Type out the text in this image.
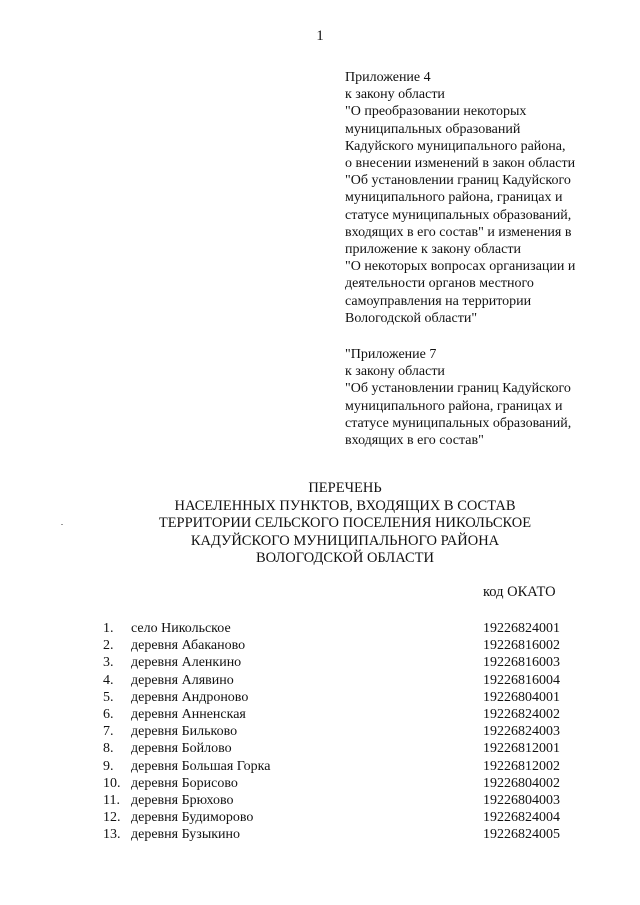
1
Приложение 4
к закону области
"О преобразовании некоторых
муниципальных образований
Кадуйского муниципального района,
о внесении изменений в закон области
"Об установлении границ Кадуйского
муниципального района, границах и
статусе муниципальных образований,
входящих в его состав" и изменения в
приложение к закону области
"О некоторых вопросах организации и
деятельности органов местного
самоуправления на территории
Вологодской области"
"Приложение 7
к закону области
"Об установлении границ Кадуйского
муниципального района, границах и
статусе муниципальных образований,
входящих в его состав"
ПЕРЕЧЕНЬ
НАСЕЛЕННЫХ ПУНКТОВ, ВХОДЯЩИХ В СОСТАВ
ТЕРРИТОРИИ СЕЛЬСКОГО ПОСЕЛЕНИЯ НИКОЛЬСКОЕ
КАДУЙСКОГО МУНИЦИПАЛЬНОГО РАЙОНА
ВОЛОГОДСКОЙ ОБЛАСТИ
код ОКАТО
1. село Никольское	19226824001
2. деревня Абаканово	19226816002
3. деревня Аленкино	19226816003
4. деревня Алявино	19226816004
5. деревня Андроново	19226804001
6. деревня Анненская	19226824002
7. деревня Бильково	19226824003
8. деревня Бойлово	19226812001
9. деревня Большая Горка	19226812002
10. деревня Борисово	19226804002
11. деревня Брюхово	19226804003
12. деревня Будиморово	19226824004
13. деревня Бузыкино	19226824005
